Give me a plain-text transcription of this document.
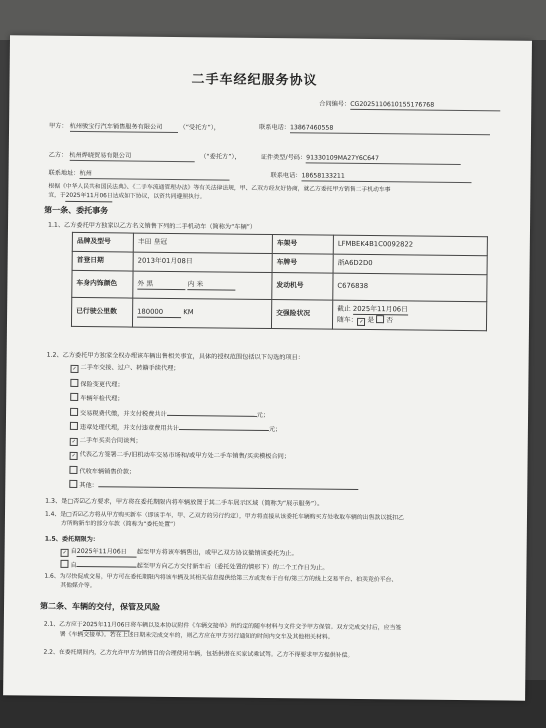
二手车经纪服务协议
合同编号：CG2025110610155176768
甲方： 杭州骏宝行汽车销售服务有限公司	（“受托方”），	联系电话：13867460558
乙方： 杭州烨晓贸易有限公司	（“委托方”），	证件类型/号码：91330109MA27Y6C647
联系地址：杭州	联系电话：18658133211
根据《中华人民共和国民法典》、《二手车流通管理办法》等有关法律法规，甲、乙双方经友好协商，就乙方委托甲方销售二手机动车事
宜，于2025年11月06日达成如下协议，以资共同遵照执行。
第一条、委托事务
1.1、乙方委托甲方独家以乙方名义销售下列的二手机动车（简称为“车辆”）
品牌及型号	丰田 皇冠	车架号	LFMBEK4B1C0092822
首登日期	2013年01月08日	车牌号	浙A6D2D0
车身内饰颜色	外 黑 内 米	发动机号	C676838
已行驶公里数	180000 KM	交强险状况	截止 2025年11月06日
随车： ✓ 是 否
1.2、乙方委托甲方独家全权办理该车辆出售相关事宜，具体的授权范围包括以下勾选的项目：
✓ 二手车交接、过户、转籍手续代理；
保险变更代理；
车辆年检代理；
交易税费代缴，并支付税费共计	元；
违章处理代理，并支付违章费用共计	元；
✓ 二手车买卖合同谈判；
✓ 代表乙方签署二手/旧机动车交易市场和/或甲方处二手车销售/买卖模板合同；
代收车辆销售价款；
其他：
1.3、是□否☑乙方要求，甲方将在委托期限内将车辆放置于其二手车展示区域（简称为“展示服务”）。
1.4、是□否☑乙方将从甲方购买新车（即该手车，甲、乙双方的另行约定），甲方将直接从该委托车辆购买方处收取车辆的出售款以抵扣乙
方所购新车的部分车款（简称为“委托处置”）
1.5、委托期限为：
✓ 自2025年11月06日 起至甲方将该车辆售出，或甲乙双方协议撤销该委托为止。
自	起至甲方向乙方交付新车后（委托处置的情形下）的二个工作日为止。
1.6、为尽快促成交易，甲方可在委托期限内将该车辆及其相关信息提供给第三方或发布于自有/第三方的线上交易平台、拍卖竞价平台、
其他媒介等。
第二条、车辆的交付，保管及风险
2.1、乙方应于2025年11月06日将车辆以及本协议附件《车辆交接单》所约定的随车材料与文件交予甲方保管。双方完成交付后，应当签
署《车辆交接单》。若在上述日期未完成交车的，则乙方应在甲方另行通知的时间内交车及其他相关材料。
2.2、在委托期间内，乙方允许甲方为销售目的合理使用车辆，包括供潜在买家试乘试驾。乙方不得要求甲方提供补偿。
